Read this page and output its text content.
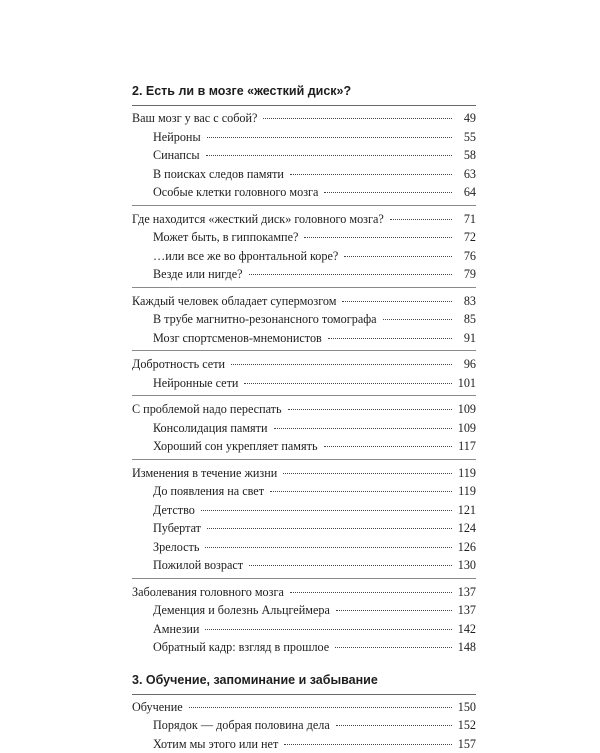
2. Есть ли в мозге «жесткий диск»?
Ваш мозг у вас с собой?	49
Нейроны	55
Синапсы	58
В поисках следов памяти	63
Особые клетки головного мозга	64
Где находится «жесткий диск» головного мозга?	71
Может быть, в гиппокампе?	72
…или все же во фронтальной коре?	76
Везде или нигде?	79
Каждый человек обладает супермозгом	83
В трубе магнитно-резонансного томографа	85
Мозг спортсменов-мнемонистов	91
Добротность сети	96
Нейронные сети	101
С проблемой надо переспать	109
Консолидация памяти	109
Хороший сон укрепляет память	117
Изменения в течение жизни	119
До появления на свет	119
Детство	121
Пубертат	124
Зрелость	126
Пожилой возраст	130
Заболевания головного мозга	137
Деменция и болезнь Альцгеймера	137
Амнезии	142
Обратный кадр: взгляд в прошлое	148
3. Обучение, запоминание и забывание
Обучение	150
Порядок — добрая половина дела	152
Хотим мы этого или нет	157
